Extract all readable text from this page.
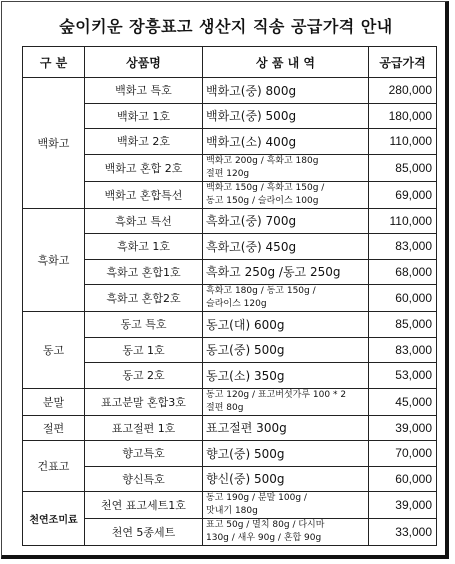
숲이키운 장흥표고 생산지 직송 공급가격 안내
구 분	상품명	상 품 내 역	공급가격
백화고	백화고 특호	백화고(중) 800g	280,000
	백화고 1호	백화고(중) 500g	180,000
	백화고 2호	백화고(소) 400g	110,000
	백화고 혼합 2호	백화고 200g / 흑화고 180g
절편 120g	85,000
	백화고 혼합특선	백화고 150g / 흑화고 150g /
동고 150g / 슬라이스 100g	69,000
흑화고	흑화고 특선	흑화고(중) 700g	110,000
	흑화고 1호	흑화고(중) 450g	83,000
	흑화고 혼합1호	흑화고 250g /동고 250g	68,000
	흑화고 혼합2호	흑화고 180g / 동고 150g /
슬라이스 120g	60,000
동고	동고 특호	동고(대) 600g	85,000
	동고 1호	동고(중) 500g	83,000
	동고 2호	동고(소) 350g	53,000
분말	표고분말 혼합3호	동고 120g / 표고버섯가루 100 * 2
절편 80g	45,000
절편	표고절편 1호	표고절편 300g	39,000
건표고	향고특호	향고(중) 500g	70,000
	향신특호	향신(중) 500g	60,000
천연조미료	천연 표고세트1호	동고 190g / 분말 100g /
맛내기 180g	39,000
	천연 5종세트	표고 50g / 멸치 80g / 다시마
130g / 새우 90g / 혼합 90g	33,000
